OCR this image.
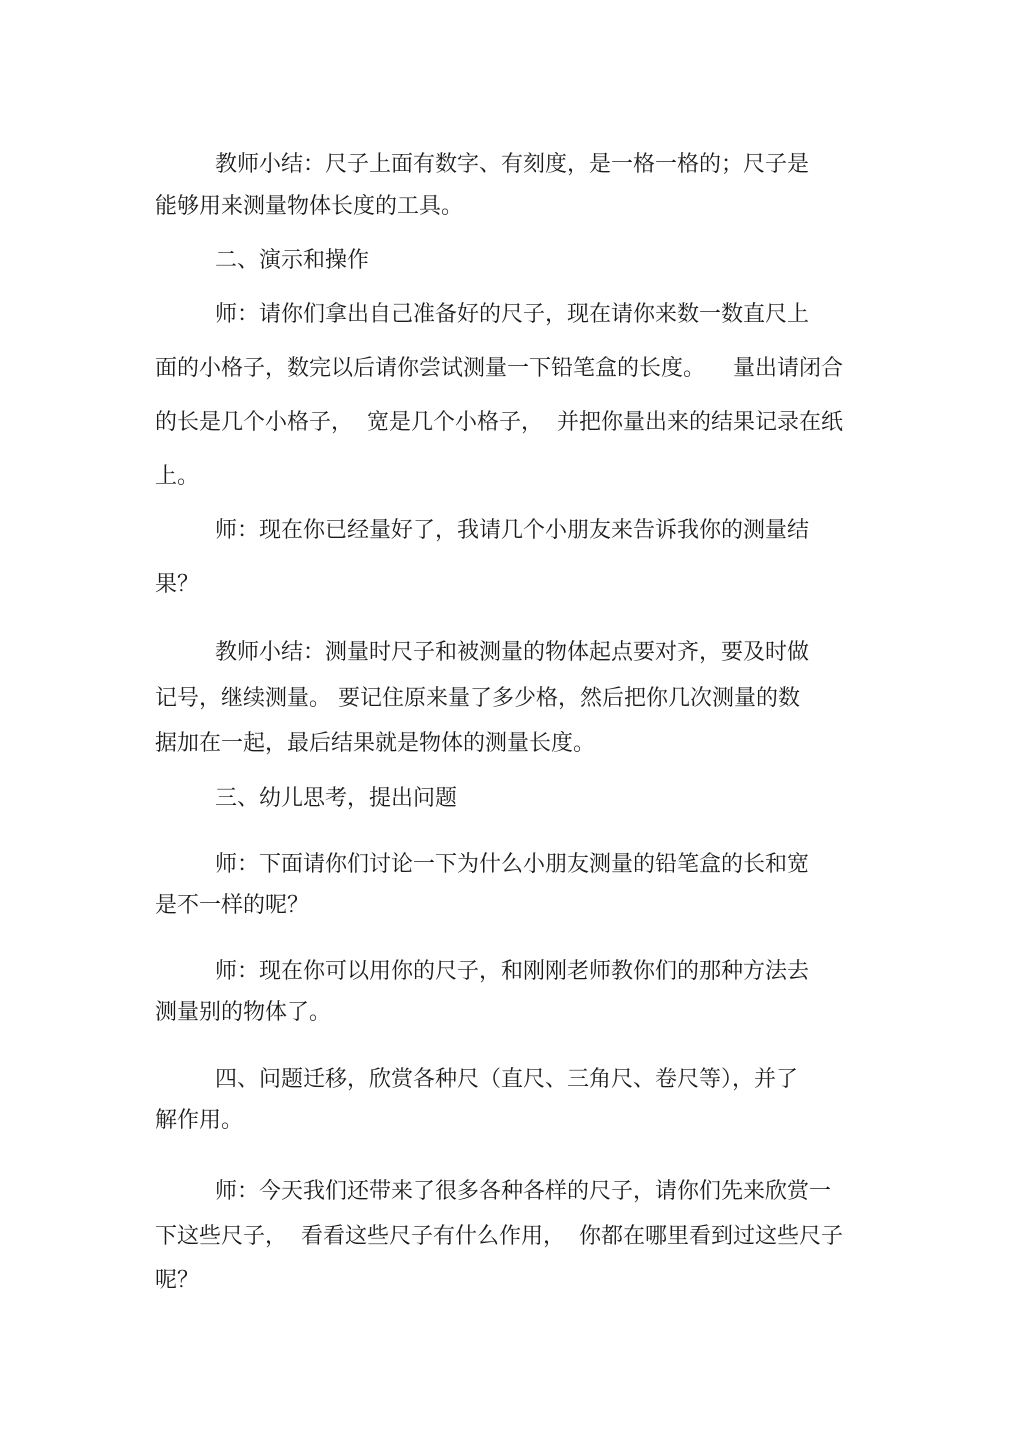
教师小结：尺子上面有数字、有刻度，是一格一格的；尺子是

能够用来测量物体长度的工具。

二、演示和操作

师：请你们拿出自己准备好的尺子，现在请你来数一数直尺上

面的小格子，数完以后请你尝试测量一下铅笔盒的长度。    量出请闭合

的长是几个小格子，  宽是几个小格子，  并把你量出来的结果记录在纸

上。

师：现在你已经量好了，我请几个小朋友来告诉我你的测量结

果？

教师小结：测量时尺子和被测量的物体起点要对齐，要及时做

记号，继续测量。 要记住原来量了多少格，然后把你几次测量的数

据加在一起，最后结果就是物体的测量长度。

三、幼儿思考，提出问题

师：下面请你们讨论一下为什么小朋友测量的铅笔盒的长和宽

是不一样的呢？

师：现在你可以用你的尺子，和刚刚老师教你们的那种方法去

测量别的物体了。

四、问题迁移，欣赏各种尺（直尺、三角尺、卷尺等），并了

解作用。

师：今天我们还带来了很多各种各样的尺子，请你们先来欣赏一

下这些尺子，  看看这些尺子有什么作用，  你都在哪里看到过这些尺子

呢？
